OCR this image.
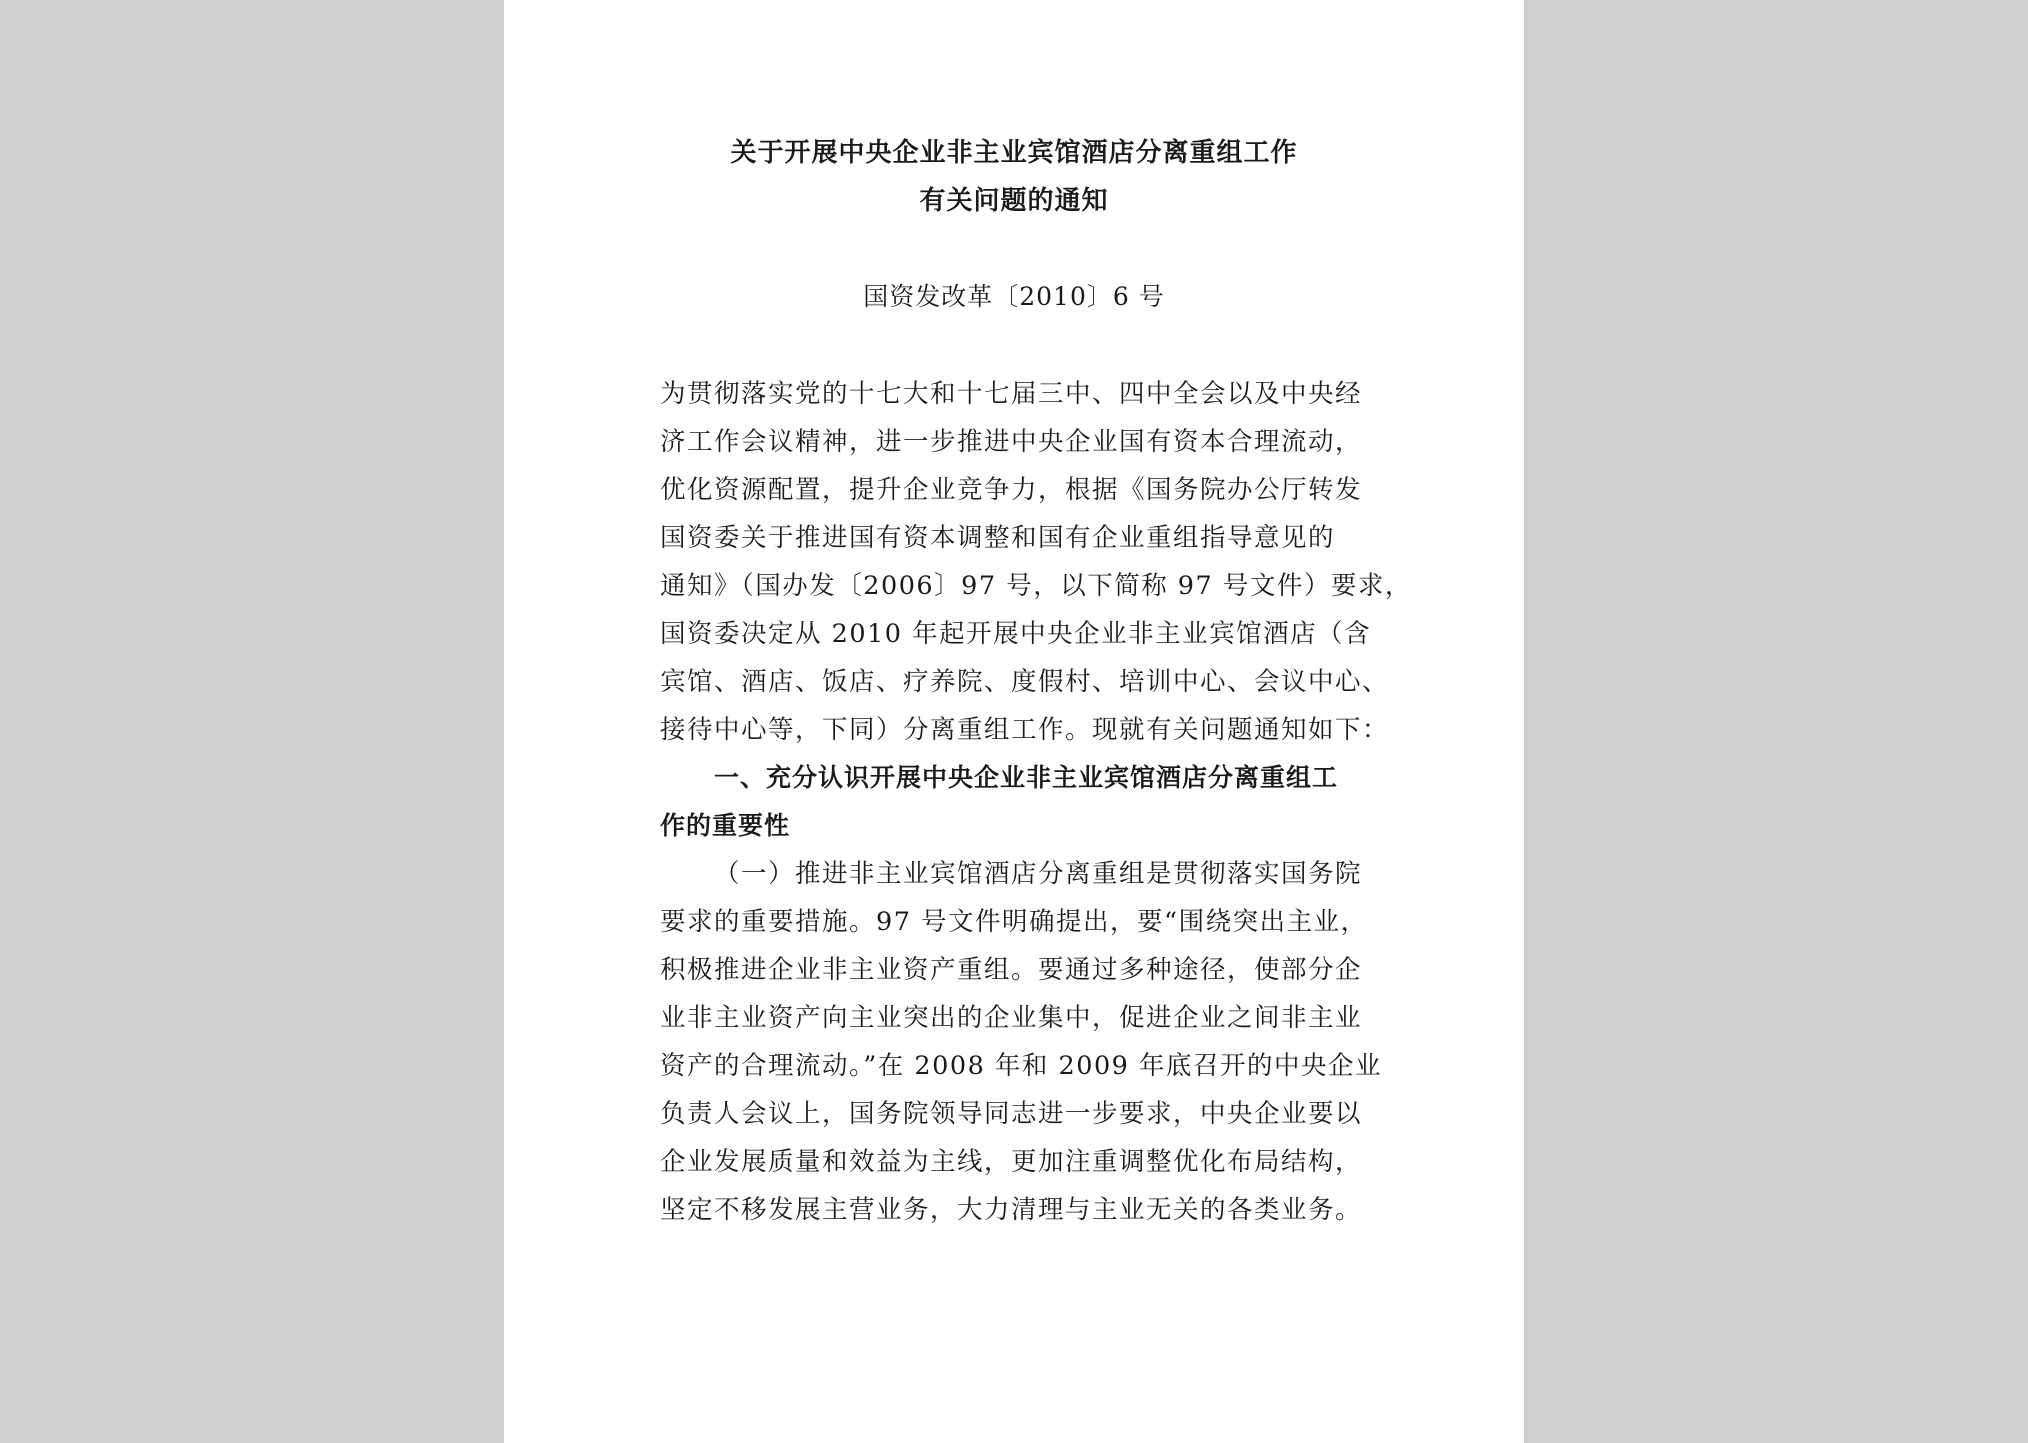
关于开展中央企业非主业宾馆酒店分离重组工作
有关问题的通知
国资发改革〔2010〕6 号
为贯彻落实党的十七大和十七届三中、四中全会以及中央经
济工作会议精神，进一步推进中央企业国有资本合理流动，
优化资源配置，提升企业竞争力，根据《国务院办公厅转发
国资委关于推进国有资本调整和国有企业重组指导意见的
通知》（国办发〔2006〕97 号，以下简称 97 号文件）要求，
国资委决定从 2010 年起开展中央企业非主业宾馆酒店（含
宾馆、酒店、饭店、疗养院、度假村、培训中心、会议中心、
接待中心等，下同）分离重组工作。现就有关问题通知如下：
一、充分认识开展中央企业非主业宾馆酒店分离重组工
作的重要性
（一）推进非主业宾馆酒店分离重组是贯彻落实国务院
要求的重要措施。97 号文件明确提出，要“围绕突出主业，
积极推进企业非主业资产重组。要通过多种途径，使部分企
业非主业资产向主业突出的企业集中，促进企业之间非主业
资产的合理流动。”在 2008 年和 2009 年底召开的中央企业
负责人会议上，国务院领导同志进一步要求，中央企业要以
企业发展质量和效益为主线，更加注重调整优化布局结构，
坚定不移发展主营业务，大力清理与主业无关的各类业务。
